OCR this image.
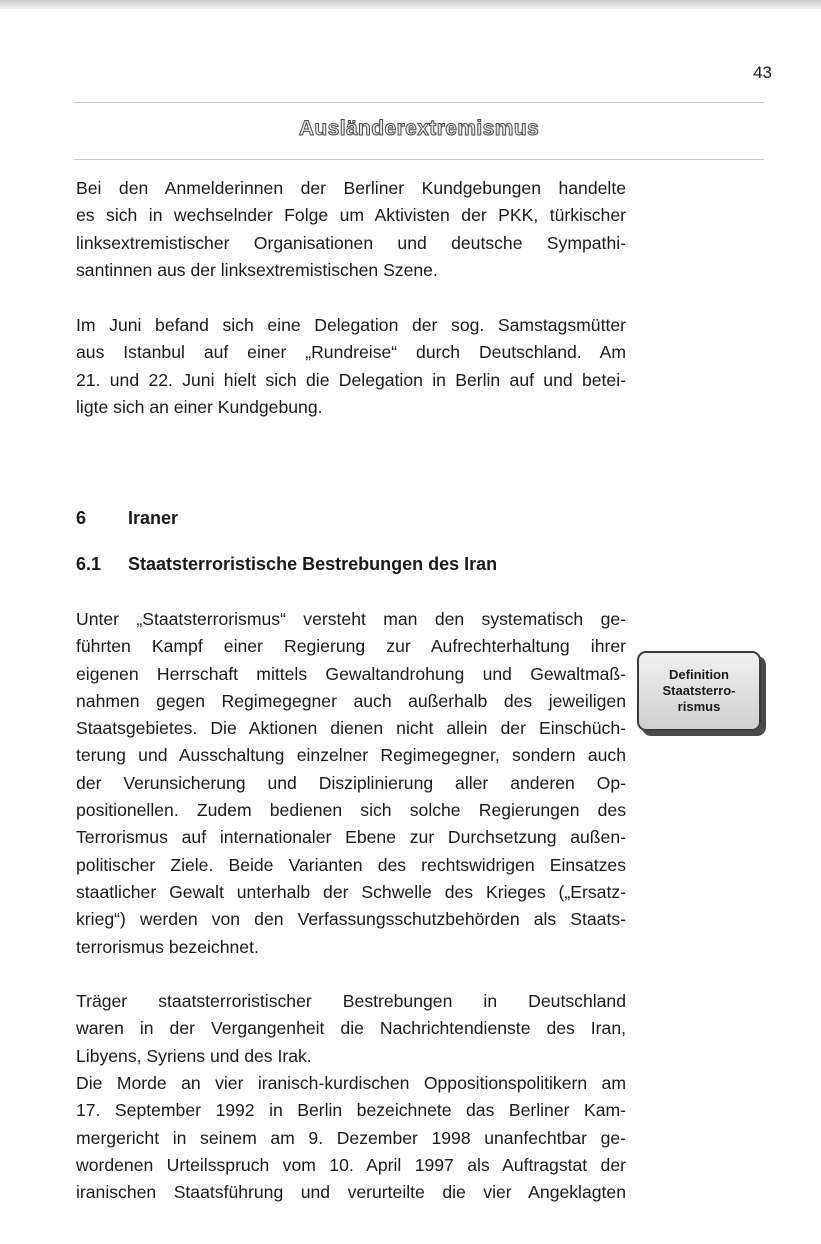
43
Ausländerextremismus
Bei den Anmelderinnen der Berliner Kundgebungen handelte
es sich in wechselnder Folge um Aktivisten der PKK, türkischer
linksextremistischer Organisationen und deutsche Sympathi-
santinnen aus der linksextremistischen Szene.
Im Juni befand sich eine Delegation der sog. Samstagsmütter
aus Istanbul auf einer „Rundreise“ durch Deutschland. Am
21. und 22. Juni hielt sich die Delegation in Berlin auf und betei-
ligte sich an einer Kundgebung.
6 Iraner
6.1 Staatsterroristische Bestrebungen des Iran
Unter „Staatsterrorismus“ versteht man den systematisch ge-
führten Kampf einer Regierung zur Aufrechterhaltung ihrer
eigenen Herrschaft mittels Gewaltandrohung und Gewaltmaß-
nahmen gegen Regimegegner auch außerhalb des jeweiligen
Staatsgebietes. Die Aktionen dienen nicht allein der Einschüch-
terung und Ausschaltung einzelner Regimegegner, sondern auch
der Verunsicherung und Disziplinierung aller anderen Op-
positionellen. Zudem bedienen sich solche Regierungen des
Terrorismus auf internationaler Ebene zur Durchsetzung außen-
politischer Ziele. Beide Varianten des rechtswidrigen Einsatzes
staatlicher Gewalt unterhalb der Schwelle des Krieges („Ersatz-
krieg“) werden von den Verfassungsschutzbehörden als Staats-
terrorismus bezeichnet.
Definition
Staatsterro-
rismus
Träger staatsterroristischer Bestrebungen in Deutschland
waren in der Vergangenheit die Nachrichtendienste des Iran,
Libyens, Syriens und des Irak.
Die Morde an vier iranisch-kurdischen Oppositionspolitikern am
17. September 1992 in Berlin bezeichnete das Berliner Kam-
mergericht in seinem am 9. Dezember 1998 unanfechtbar ge-
wordenen Urteilsspruch vom 10. April 1997 als Auftragstat der
iranischen Staatsführung und verurteilte die vier Angeklagten
